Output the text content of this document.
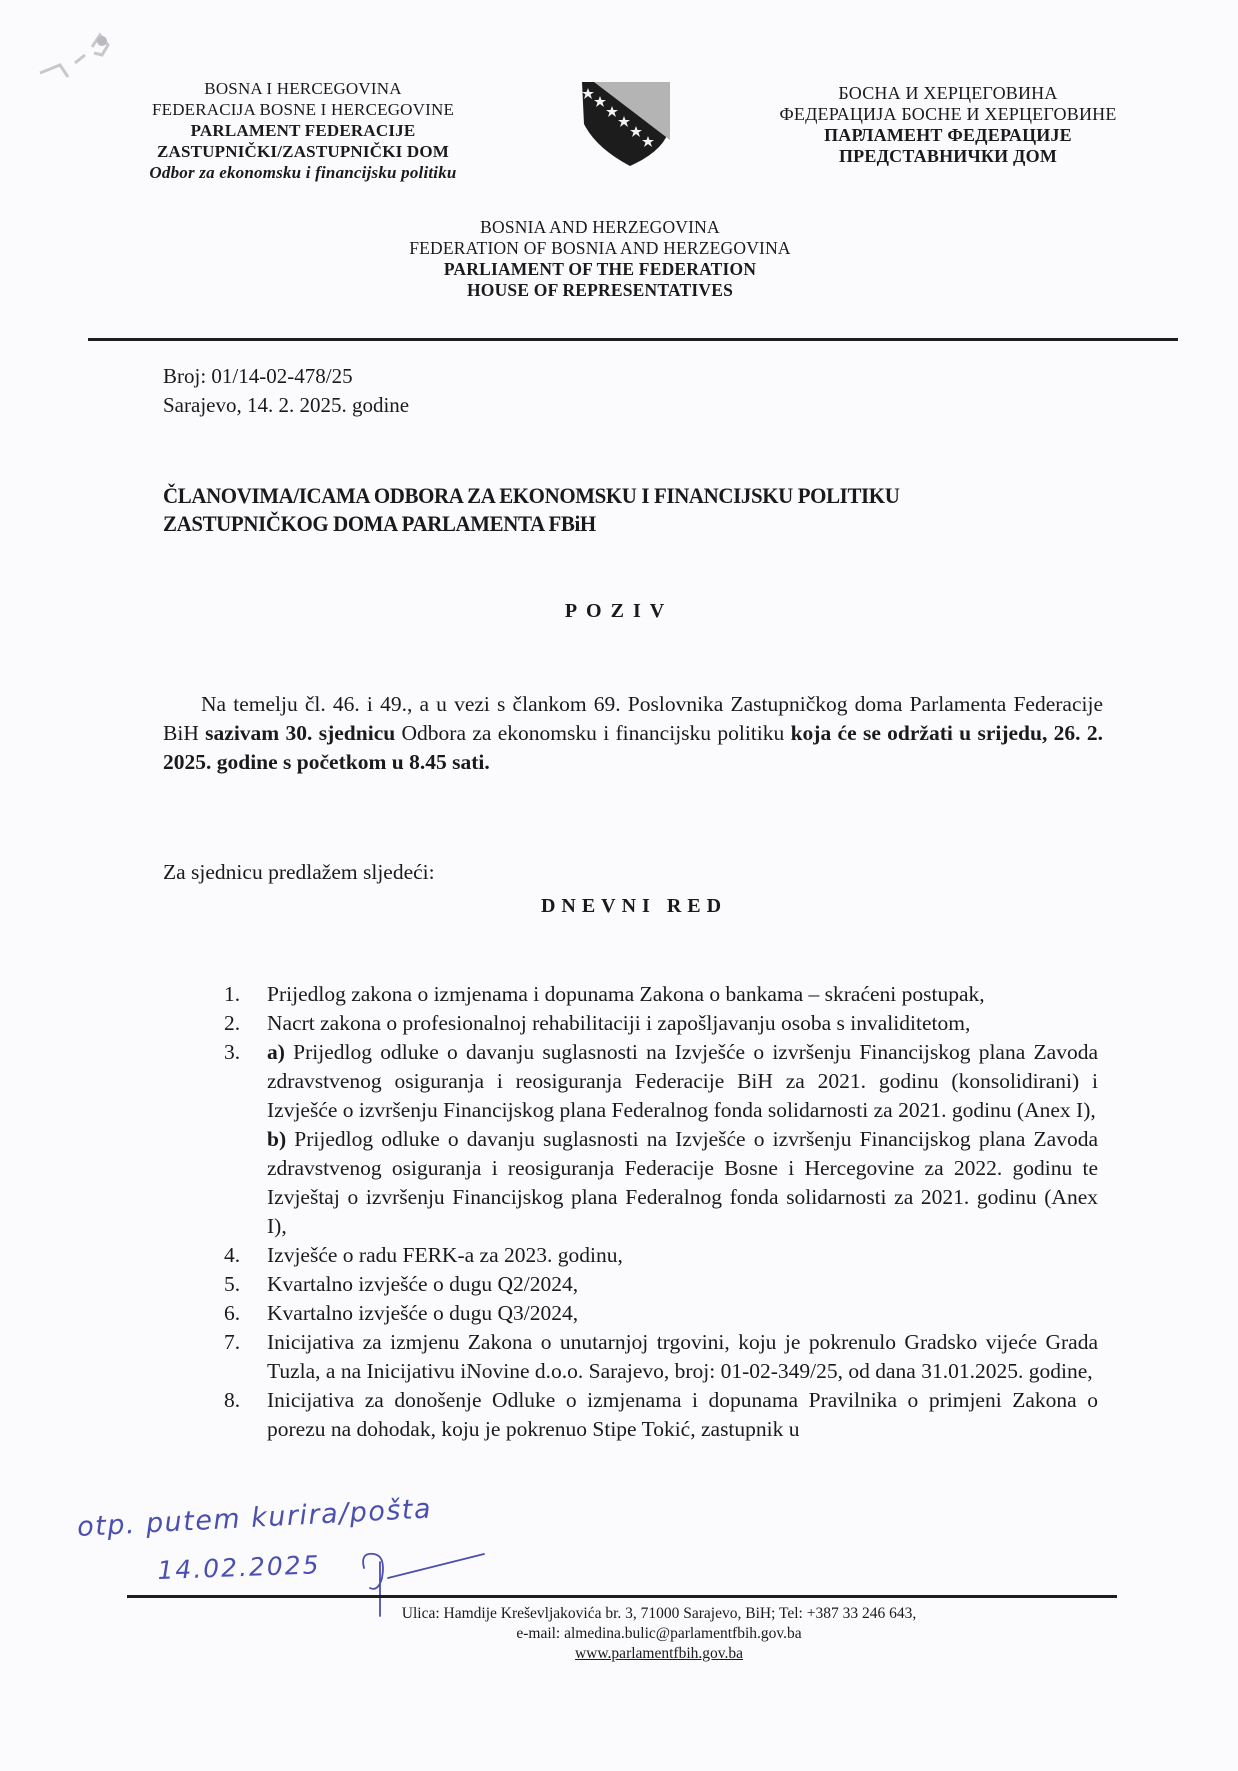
BOSNA I HERCEGOVINA
FEDERACIJA BOSNE I HERCEGOVINE
PARLAMENT FEDERACIJE
ZASTUPNIČKI/ZASTUPNIČKI DOM
Odbor za ekonomsku i financijsku politiku
БОСНА И ХЕРЦЕГОВИНА
ФЕДЕРАЦИЈА БОСНЕ И ХЕРЦЕГОВИНЕ
ПАРЛАМЕНТ ФЕДЕРАЦИЈЕ
ПРЕДСТАВНИЧКИ ДОМ
BOSNIA AND HERZEGOVINA
FEDERATION OF BOSNIA AND HERZEGOVINA
PARLIAMENT OF THE FEDERATION
HOUSE OF REPRESENTATIVES
Broj: 01/14-02-478/25
Sarajevo, 14. 2. 2025. godine
ČLANOVIMA/ICAMA ODBORA ZA EKONOMSKU I FINANCIJSKU POLITIKU
ZASTUPNIČKOG DOMA PARLAMENTA FBiH
POZIV
Na temelju čl. 46. i 49., a u vezi s člankom 69. Poslovnika Zastupničkog doma Parlamenta Federacije BiH sazivam 30. sjednicu Odbora za ekonomsku i financijsku politiku koja će se održati u srijedu, 26. 2. 2025. godine s početkom u 8.45 sati.
Za sjednicu predlažem sljedeći:
DNEVNI RED
1. Prijedlog zakona o izmjenama i dopunama Zakona o bankama – skraćeni postupak,
2. Nacrt zakona o profesionalnoj rehabilitaciji i zapošljavanju osoba s invaliditetom,
3. a) Prijedlog odluke o davanju suglasnosti na Izvješće o izvršenju Financijskog plana Zavoda zdravstvenog osiguranja i reosiguranja Federacije BiH za 2021. godinu (konsolidirani) i Izvješće o izvršenju Financijskog plana Federalnog fonda solidarnosti za 2021. godinu (Anex I),
b) Prijedlog odluke o davanju suglasnosti na Izvješće o izvršenju Financijskog plana Zavoda zdravstvenog osiguranja i reosiguranja Federacije Bosne i Hercegovine za 2022. godinu te Izvještaj o izvršenju Financijskog plana Federalnog fonda solidarnosti za 2021. godinu (Anex I),
4. Izvješće o radu FERK-a za 2023. godinu,
5. Kvartalno izvješće o dugu Q2/2024,
6. Kvartalno izvješće o dugu Q3/2024,
7. Inicijativa za izmjenu Zakona o unutarnjoj trgovini, koju je pokrenulo Gradsko vijeće Grada Tuzla, a na Inicijativu iNovine d.o.o. Sarajevo, broj: 01-02-349/25, od dana 31.01.2025. godine,
8. Inicijativa za donošenje Odluke o izmjenama i dopunama Pravilnika o primjeni Zakona o porezu na dohodak, koju je pokrenuo Stipe Tokić, zastupnik u
otp. putem kurira/pošta
14.02.2025
Ulica: Hamdije Kreševljakovića br. 3, 71000 Sarajevo, BiH; Tel: +387 33 246 643,
e-mail: almedina.bulic@parlamentfbih.gov.ba
www.parlamentfbih.gov.ba
